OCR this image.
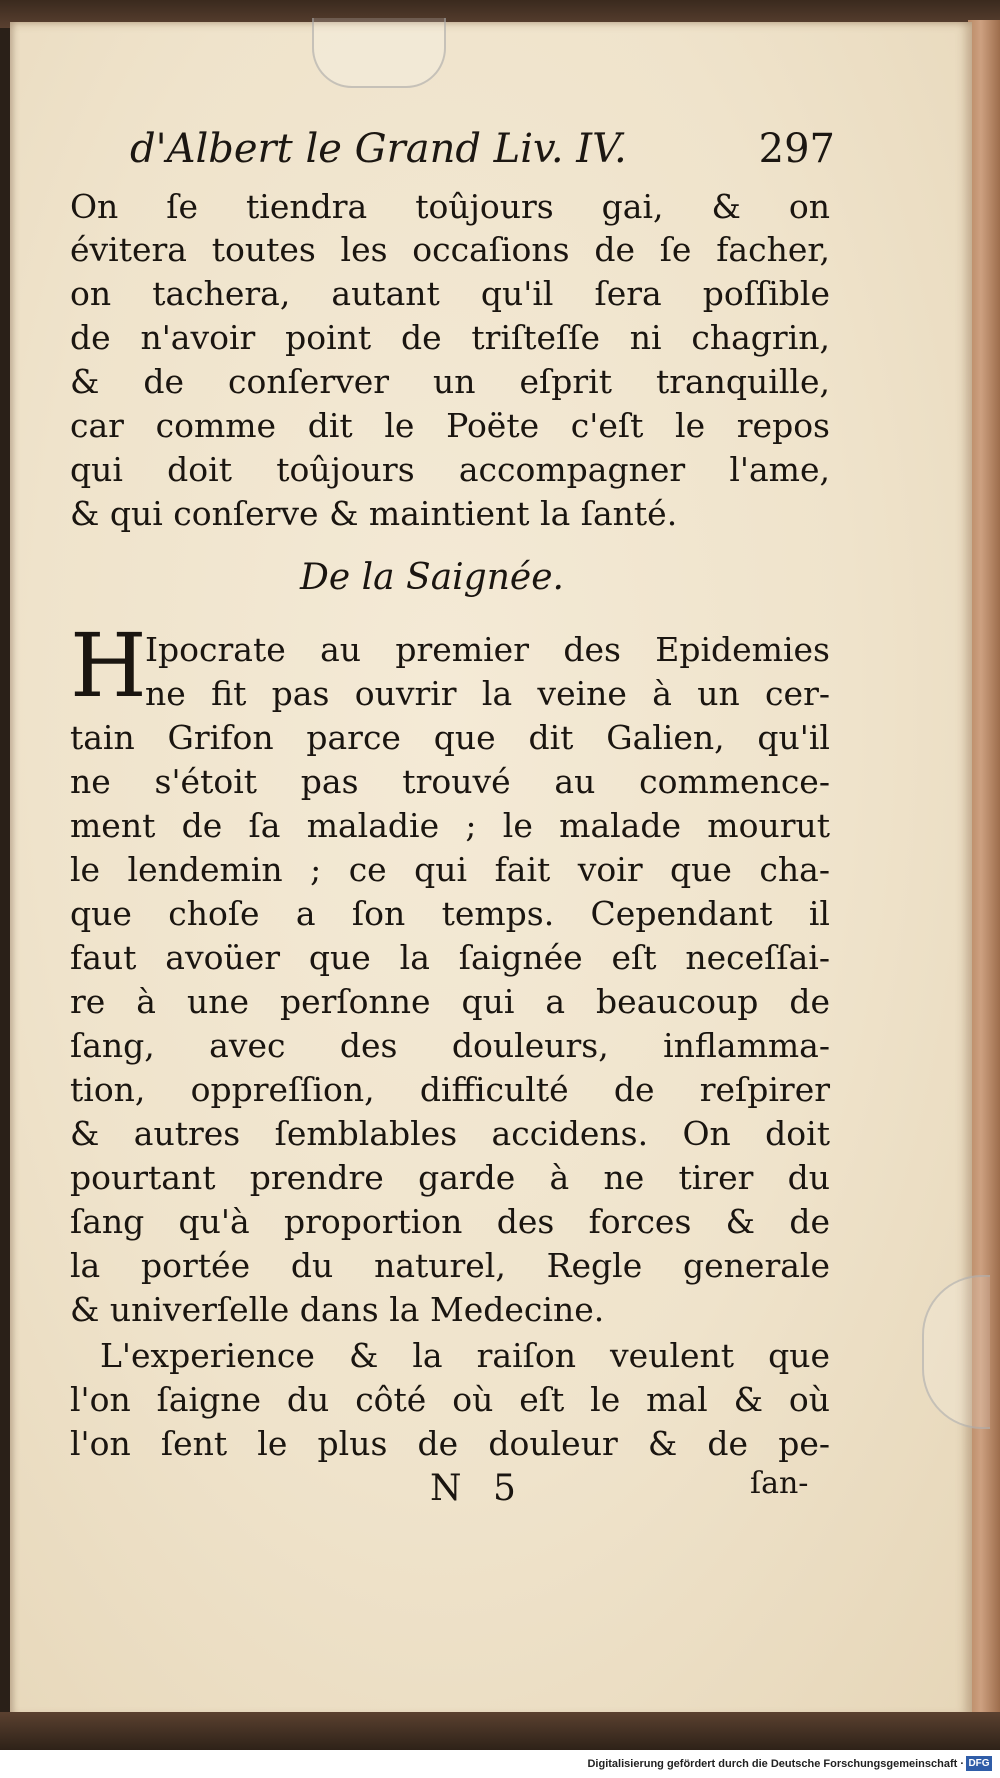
d'Albert le Grand Liv. IV.	297
On ſe tiendra toûjours gai, & on
évitera toutes les occaſions de ſe facher,
on tachera, autant qu'il ſera poſſible
de n'avoir point de triſteſſe ni chagrin,
& de conſerver un eſprit tranquille,
car comme dit le Poëte c'eſt le repos
qui doit toûjours accompagner l'ame,
& qui conſerve & maintient la ſanté.
De la Saignée.
H
Ipocrate au premier des Epidemies
ne fit pas ouvrir la veine à un cer-
tain Grifon parce que dit Galien, qu'il
ne s'étoit pas trouvé au commence-
ment de ſa maladie ; le malade mourut
le lendemin ; ce qui fait voir que cha-
que choſe a ſon temps. Cependant il
faut avoüer que la ſaignée eſt neceſſai-
re à une perſonne qui a beaucoup de
ſang, avec des douleurs, inflamma-
tion, oppreſſion, difficulté de reſpirer
& autres ſemblables accidens. On doit
pourtant prendre garde à ne tirer du
ſang qu'à proportion des forces & de
la portée du naturel, Regle generale
& univerſelle dans la Medecine.
L'experience & la raiſon veulent que
l'on ſaigne du côté où eſt le mal & où
l'on ſent le plus de douleur & de pe-
N 5	ſan-
Digitalisierung gefördert durch die Deutsche Forschungsgemeinschaft · DFG
